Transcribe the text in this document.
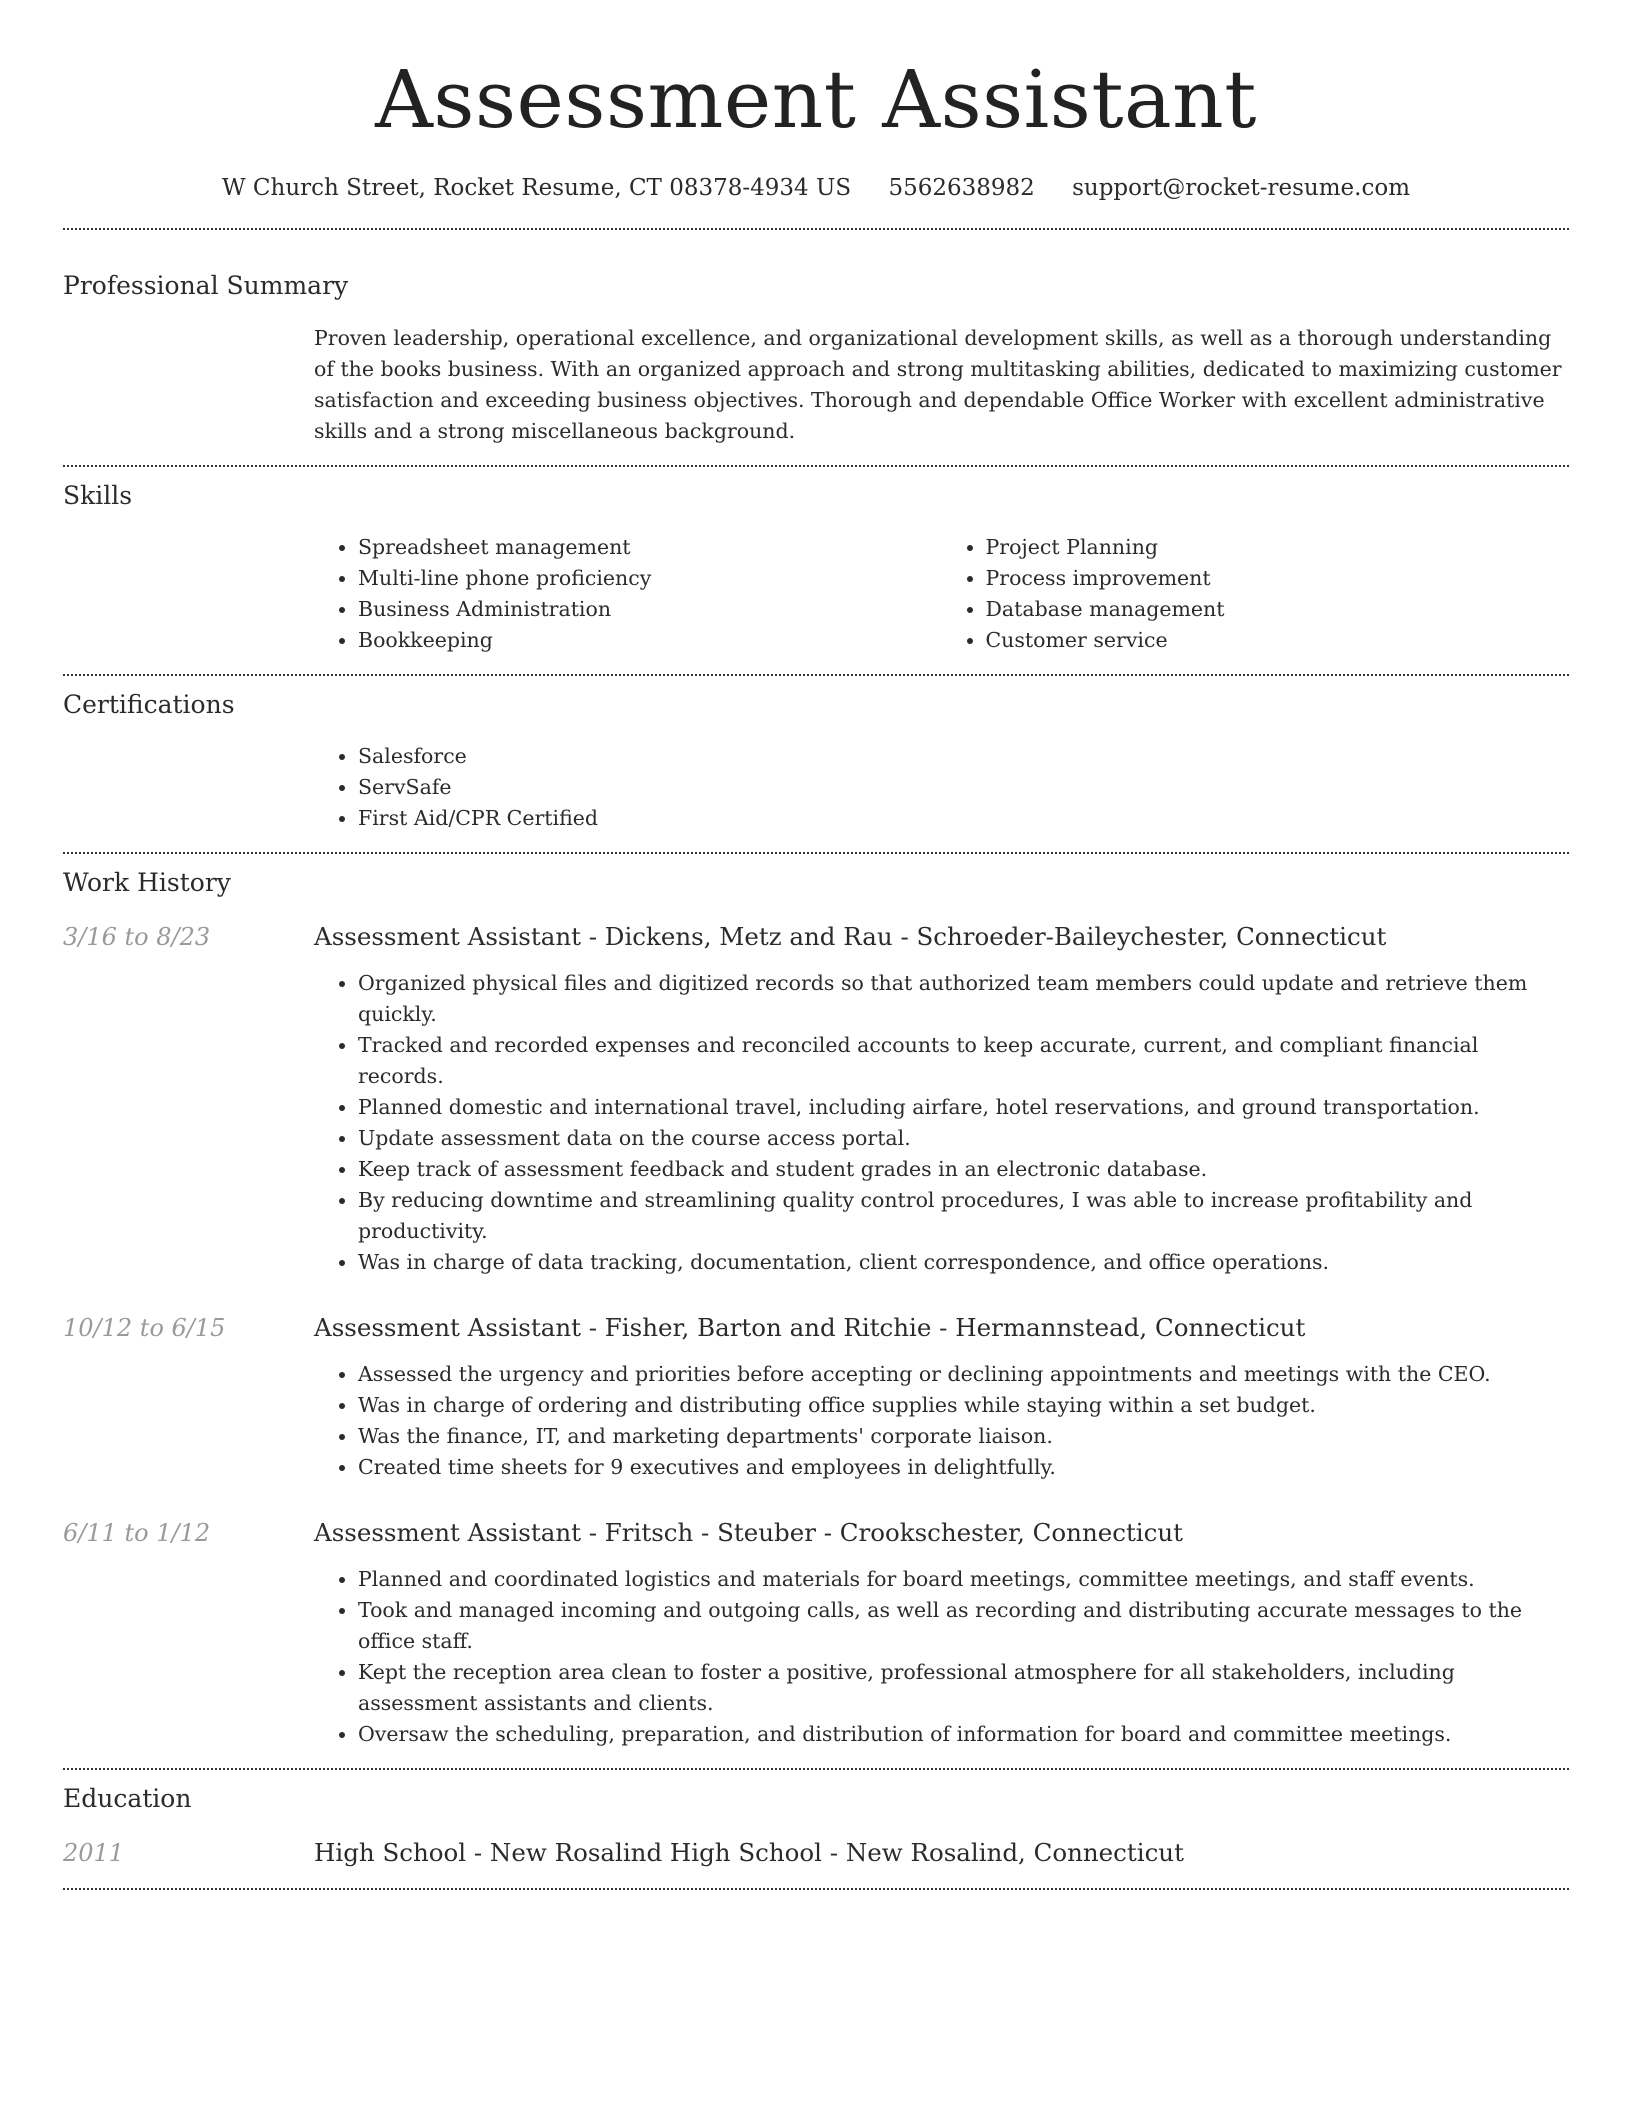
Assessment Assistant
W Church Street, Rocket Resume, CT 08378-4934 US 5562638982 support@rocket-resume.com
Professional Summary

Proven leadership, operational excellence, and organizational development skills, as well as a thorough understanding of the books business. With an organized approach and strong multitasking abilities, dedicated to maximizing customer satisfaction and exceeding business objectives. Thorough and dependable Office Worker with excellent administrative skills and a strong miscellaneous background.

Skills
• Spreadsheet management
• Multi-line phone proficiency
• Business Administration
• Bookkeeping
• Project Planning
• Process improvement
• Database management
• Customer service
Certifications
• Salesforce
• ServSafe
• First Aid/CPR Certified
Work History
3/16 to 8/23	Assessment Assistant - Dickens, Metz and Rau - Schroeder-Baileychester, Connecticut
• Organized physical files and digitized records so that authorized team members could update and retrieve them quickly.
• Tracked and recorded expenses and reconciled accounts to keep accurate, current, and compliant financial records.
• Planned domestic and international travel, including airfare, hotel reservations, and ground transportation.
• Update assessment data on the course access portal.
• Keep track of assessment feedback and student grades in an electronic database.
• By reducing downtime and streamlining quality control procedures, I was able to increase profitability and productivity.
• Was in charge of data tracking, documentation, client correspondence, and office operations.
10/12 to 6/15	Assessment Assistant - Fisher, Barton and Ritchie - Hermannstead, Connecticut
• Assessed the urgency and priorities before accepting or declining appointments and meetings with the CEO.
• Was in charge of ordering and distributing office supplies while staying within a set budget.
• Was the finance, IT, and marketing departments' corporate liaison.
• Created time sheets for 9 executives and employees in delightfully.
6/11 to 1/12	Assessment Assistant - Fritsch - Steuber - Crookschester, Connecticut
• Planned and coordinated logistics and materials for board meetings, committee meetings, and staff events.
• Took and managed incoming and outgoing calls, as well as recording and distributing accurate messages to the office staff.
• Kept the reception area clean to foster a positive, professional atmosphere for all stakeholders, including assessment assistants and clients.
• Oversaw the scheduling, preparation, and distribution of information for board and committee meetings.
Education
2011	High School - New Rosalind High School - New Rosalind, Connecticut
